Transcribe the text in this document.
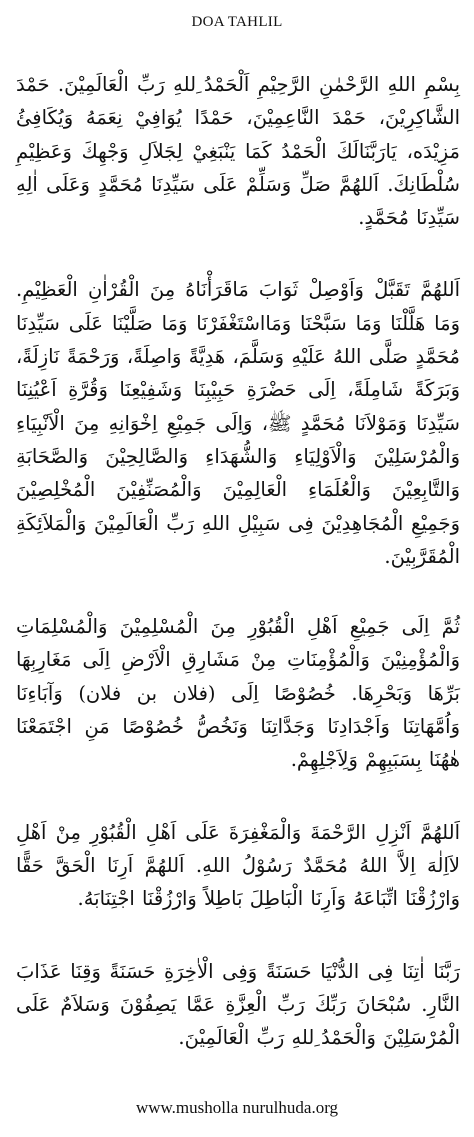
DOA TAHLIL

بِسْمِ اللهِ الرَّحْمٰنِ الرَّحِيْمِ اَلْحَمْدُ ِللهِ رَبِّ الْعَالَمِيْنَ. حَمْدَ الشَّاكِرِيْنَ، حَمْدَ النَّاعِمِيْنَ، حَمْدًا يُوَافِيْ نِعَمَهُ وَيُكَافِئُ مَزِيْدَه، يَارَبَّنَالَكَ الْحَمْدُ كَمَا يَنْبَغِيْ لِجَلاَلِ وَجْهِكَ وَعَظِيْمِ سُلْطَانِكَ. اَللهُمَّ صَلِّ وَسَلِّمْ عَلَى سَيِّدِنَا مُحَمَّدٍ وَعَلَى اٰلِهِ سَيِّدِنَا مُحَمَّدٍ.

اَللهُمَّ تَقَبَّلْ وَاَوْصِلْ ثَوَابَ مَاقَرَأْنَاهُ مِنَ الْقُرْاٰنِ الْعَظِيْمِ. وَمَا هَلَّلْنَا وَمَا سَبَّحْنَا وَمَااسْتَغْفَرْنَا وَمَا صَلَّيْنَا عَلَى سَيِّدِنَا مُحَمَّدٍ صَلَّى اللهُ عَلَيْهِ وَسَلَّمَ، هَدِيَّةً وَاصِلَةً، وَرَحْمَةً نَازِلَةً، وَبَرَكَةً شَامِلَةً، اِلَى حَضْرَةِ حَبِيْبِنَا وَشَفِيْعِنَا وَقُرَّةِ اَعْيُنِنَا سَيِّدِنَا وَمَوْلاَنَا مُحَمَّدٍ ﷺ، وَاِلَى جَمِيْعِ اِخْوَانِهِ مِنَ الْاَنْبِيَاءِ وَالْمُرْسَلِيْنَ وَالْاَوْلِيَاءِ وَالشُّهَدَاءِ وَالصَّالِحِيْنَ وَالصَّحَابَةِ وَالتَّابِعِيْنَ وَالْعُلَمَاءِ الْعَالِمِيْنَ وَالْمُصَنِّفِيْنَ الْمُخْلِصِيْنَ وَجَمِيْعِ الْمُجَاهِدِيْنَ فِى سَبِيْلِ اللهِ رَبِّ الْعَالَمِيْنَ وَالْمَلاَئِكَةِ الْمُقَرَّبِيْنَ.

ثُمَّ اِلَى جَمِيْعِ اَهْلِ الْقُبُوْرِ مِنَ الْمُسْلِمِيْنَ وَالْمُسْلِمَاتِ وَالْمُؤْمِنِيْنَ وَالْمُؤْمِنَاتِ مِنْ مَشَارِقِ الْاَرْضِ اِلَى مَغَارِبِهَا بَرِّهَا وَبَحْرِهَا. خُصُوْصًا اِلَى (فلان بن فلان) وَآبَاءِنَا وَاُمَّهَاتِنَا وَاَجْدَادِنَا وَجَدَّاتِنَا وَنَخُصُّ خُصُوْصًا مَنِ اجْتَمَعْنَا هٰهُنَا بِسَبَبِهِمْ وَلِاَجْلِهِمْ.

اَللهُمَّ اَنْزِلِ الرَّحْمَةَ وَالْمَغْفِرَةَ عَلَى اَهْلِ الْقُبُوْرِ مِنْ اَهْلِ لاَاِلٰهَ اِلاَّ اللهُ مُحَمَّدٌ رَسُوْلُ اللهِ. اَللهُمَّ اَرِنَا الْحَقَّ حَقًّا وَارْزُقْنَا اتِّبَاعَهُ وَاَرِنَا الْبَاطِلَ بَاطِلاً وَارْزُقْنَا اجْتِنَابَهُ.

رَبَّنَا اٰتِنَا فِى الدُّنْيَا حَسَنَةً وَفِى الْاٰخِرَةِ حَسَنَةً وَقِنَا عَذَابَ النَّارِ. سُبْحَانَ رَبِّكَ رَبِّ الْعِزَّةِ عَمَّا يَصِفُوْنَ وَسَلاَمٌ عَلَى الْمُرْسَلِيْنَ وَالْحَمْدُ ِللهِ رَبِّ الْعَالَمِيْنَ.

www.musholla nurulhuda.org
